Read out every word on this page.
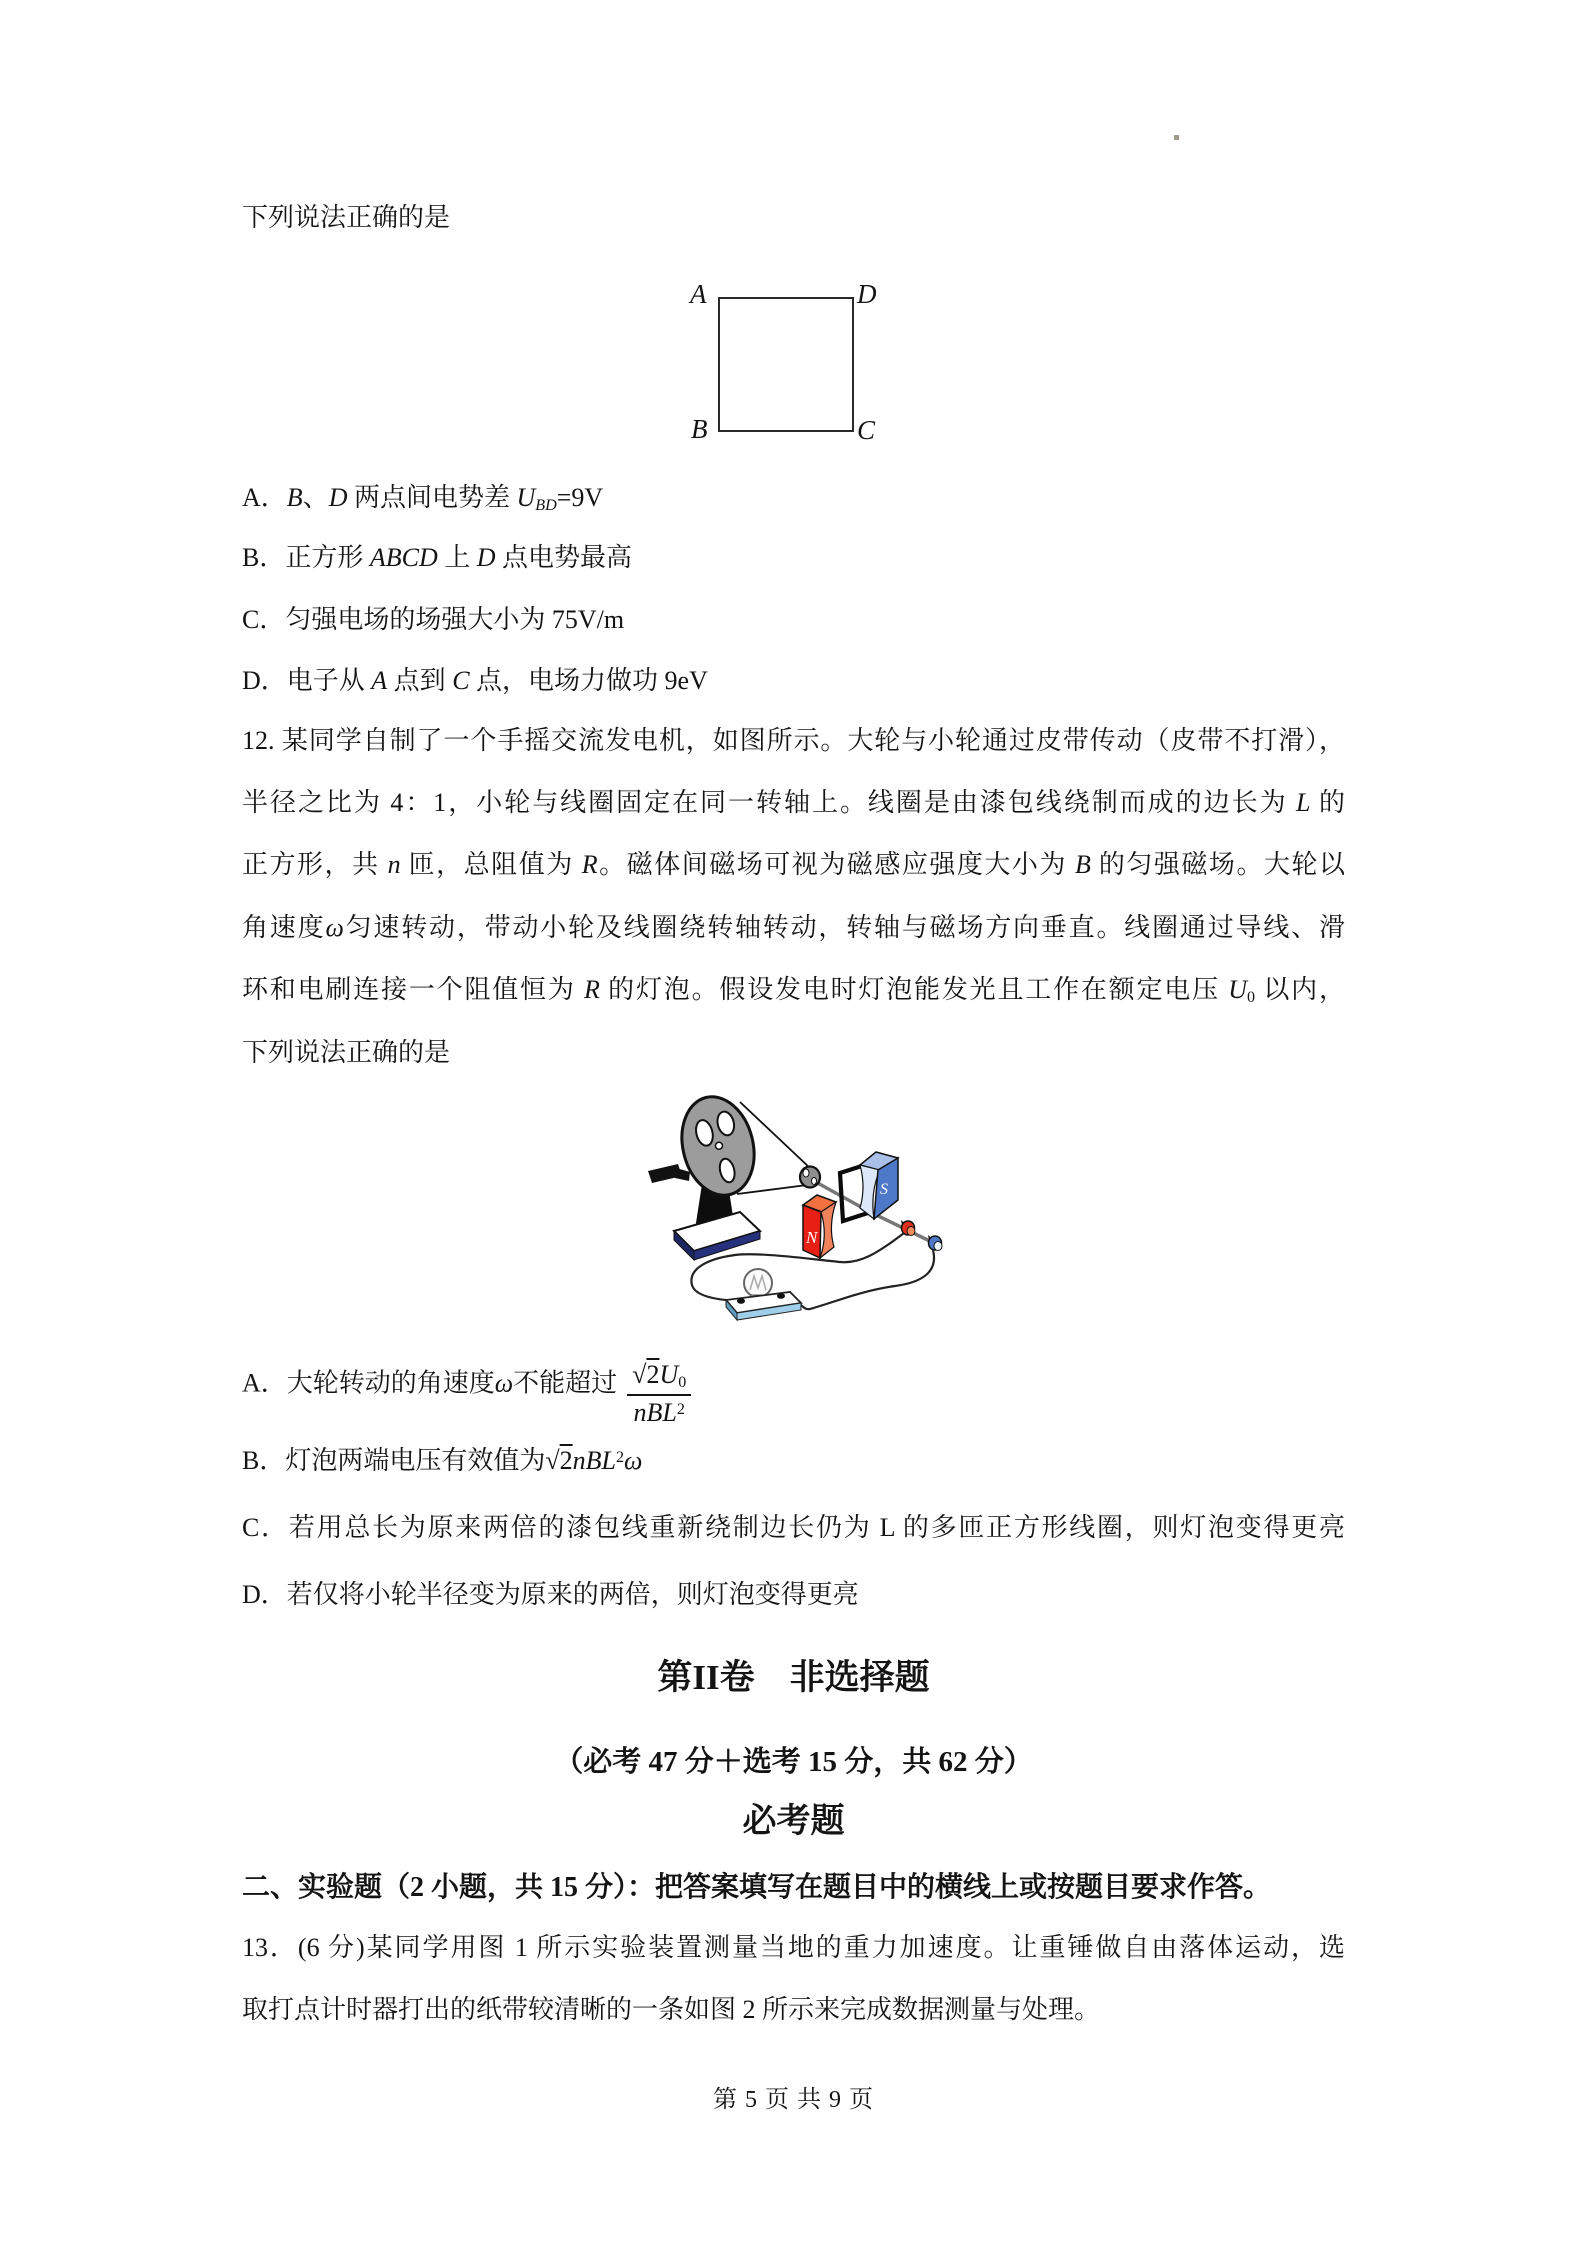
下列说法正确的是
A	D
B	C
A．B、D 两点间电势差 $U_{BD}=9V$
B．正方形 ABCD 上 D 点电势最高
C．匀强电场的场强大小为 75V/m
D．电子从 A 点到 C 点，电场力做功 9eV
12. 某同学自制了一个手摇交流发电机，如图所示。大轮与小轮通过皮带传动（皮带不打滑），
半径之比为 4：1，小轮与线圈固定在同一转轴上。线圈是由漆包线绕制而成的边长为 L 的
正方形，共 n 匝，总阻值为 R。磁体间磁场可视为磁感应强度大小为 B 的匀强磁场。大轮以
角速度ω匀速转动，带动小轮及线圈绕转轴转动，转轴与磁场方向垂直。线圈通过导线、滑
环和电刷连接一个阻值恒为 R 的灯泡。假设发电时灯泡能发光且工作在额定电压 $U_0$ 以内，
下列说法正确的是
N
S
A．大轮转动的角速度ω不能超过 $\frac{√2U_0}{nBL^2}$
B．灯泡两端电压有效值为√2nBL$^2$ω
C．若用总长为原来两倍的漆包线重新绕制边长仍为 L 的多匝正方形线圈，则灯泡变得更亮
D．若仅将小轮半径变为原来的两倍，则灯泡变得更亮
第II卷　非选择题
（必考 47 分＋选考 15 分，共 62 分）
必考题
二、实验题（2 小题，共 15 分）：把答案填写在题目中的横线上或按题目要求作答。
13．(6 分)某同学用图 1 所示实验装置测量当地的重力加速度。让重锤做自由落体运动，选
取打点计时器打出的纸带较清晰的一条如图 2 所示来完成数据测量与处理。
第 5 页 共 9 页
